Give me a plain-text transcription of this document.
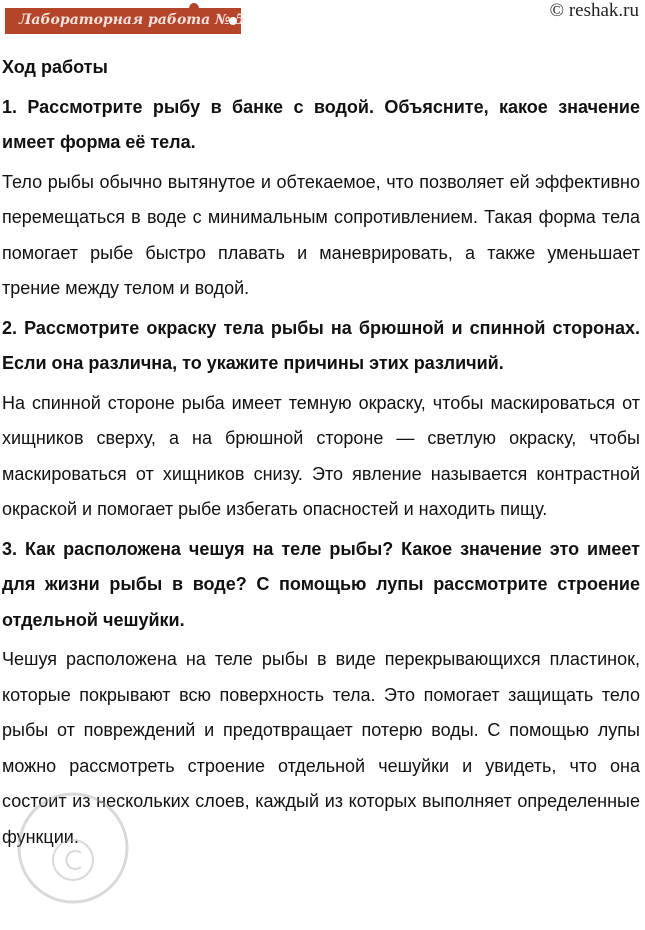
Лабораторная работа № 5	© reshak.ru
Ход работы
1. Рассмотрите рыбу в банке с водой. Объясните, какое значение имеет форма её тела.
Тело рыбы обычно вытянутое и обтекаемое, что позволяет ей эффективно перемещаться в воде с минимальным сопротивлением. Такая форма тела помогает рыбе быстро плавать и маневрировать, а также уменьшает трение между телом и водой.
2. Рассмотрите окраску тела рыбы на брюшной и спинной сторонах. Если она различна, то укажите причины этих различий.
На спинной стороне рыба имеет темную окраску, чтобы маскироваться от хищников сверху, а на брюшной стороне — светлую окраску, чтобы маскироваться от хищников снизу. Это явление называется контрастной окраской и помогает рыбе избегать опасностей и находить пищу.
3. Как расположена чешуя на теле рыбы? Какое значение это имеет для жизни рыбы в воде? С помощью лупы рассмотрите строение отдельной чешуйки.
Чешуя расположена на теле рыбы в виде перекрывающихся пластинок, которые покрывают всю поверхность тела. Это помогает защищать тело рыбы от повреждений и предотвращает потерю воды. С помощью лупы можно рассмотреть строение отдельной чешуйки и увидеть, что она состоит из нескольких слоев, каждый из которых выполняет определенные функции.
